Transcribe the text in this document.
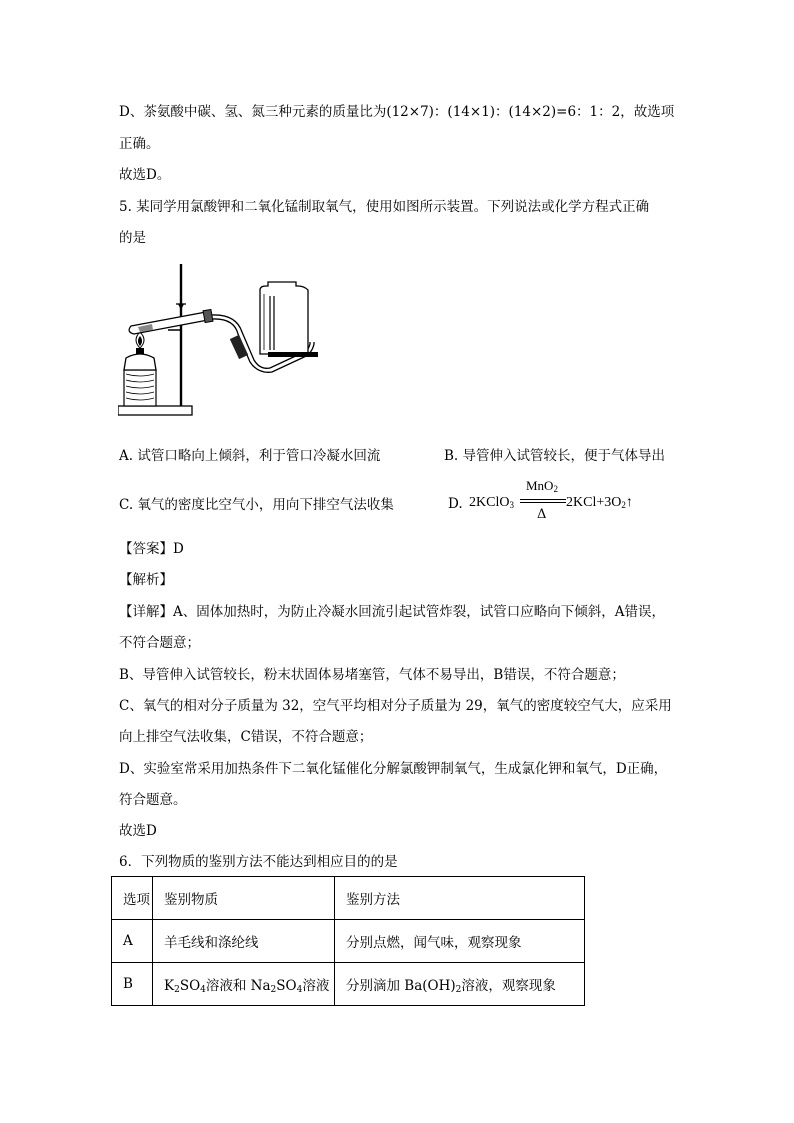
D、茶氨酸中碳、氢、氮三种元素的质量比为(12×7)：(14×1)：(14×2)=6：1：2，故选项
正确。
故选D。
5. 某同学用氯酸钾和二氧化锰制取氧气，使用如图所示装置。下列说法或化学方程式正确
的是
A. 试管口略向上倾斜，利于管口冷凝水回流	B. 导管伸入试管较长，便于气体导出
C. 氧气的密度比空气小，用向下排空气法收集	D. 2KClO$_3$
MnO$_2$
Δ
$2KCl+3O_2↑$
【答案】D
【解析】
【详解】A、固体加热时，为防止冷凝水回流引起试管炸裂，试管口应略向下倾斜，A错误，
不符合题意；
B、导管伸入试管较长，粉末状固体易堵塞管，气体不易导出，B错误，不符合题意；
C、氧气的相对分子质量为 32，空气平均相对分子质量为 29，氧气的密度较空气大，应采用
向上排空气法收集，C错误，不符合题意；
D、实验室常采用加热条件下二氧化锰催化分解氯酸钾制氧气，生成氯化钾和氧气，D正确，
符合题意。
故选D
6．下列物质的鉴别方法不能达到相应目的的是
选项	鉴别物质	鉴别方法
A	羊毛线和涤纶线	分别点燃，闻气味，观察现象
B	$K_2SO_4$溶液和 $Na_2SO_4$溶液	分别滴加 $Ba(OH)_2$溶液，观察现象
